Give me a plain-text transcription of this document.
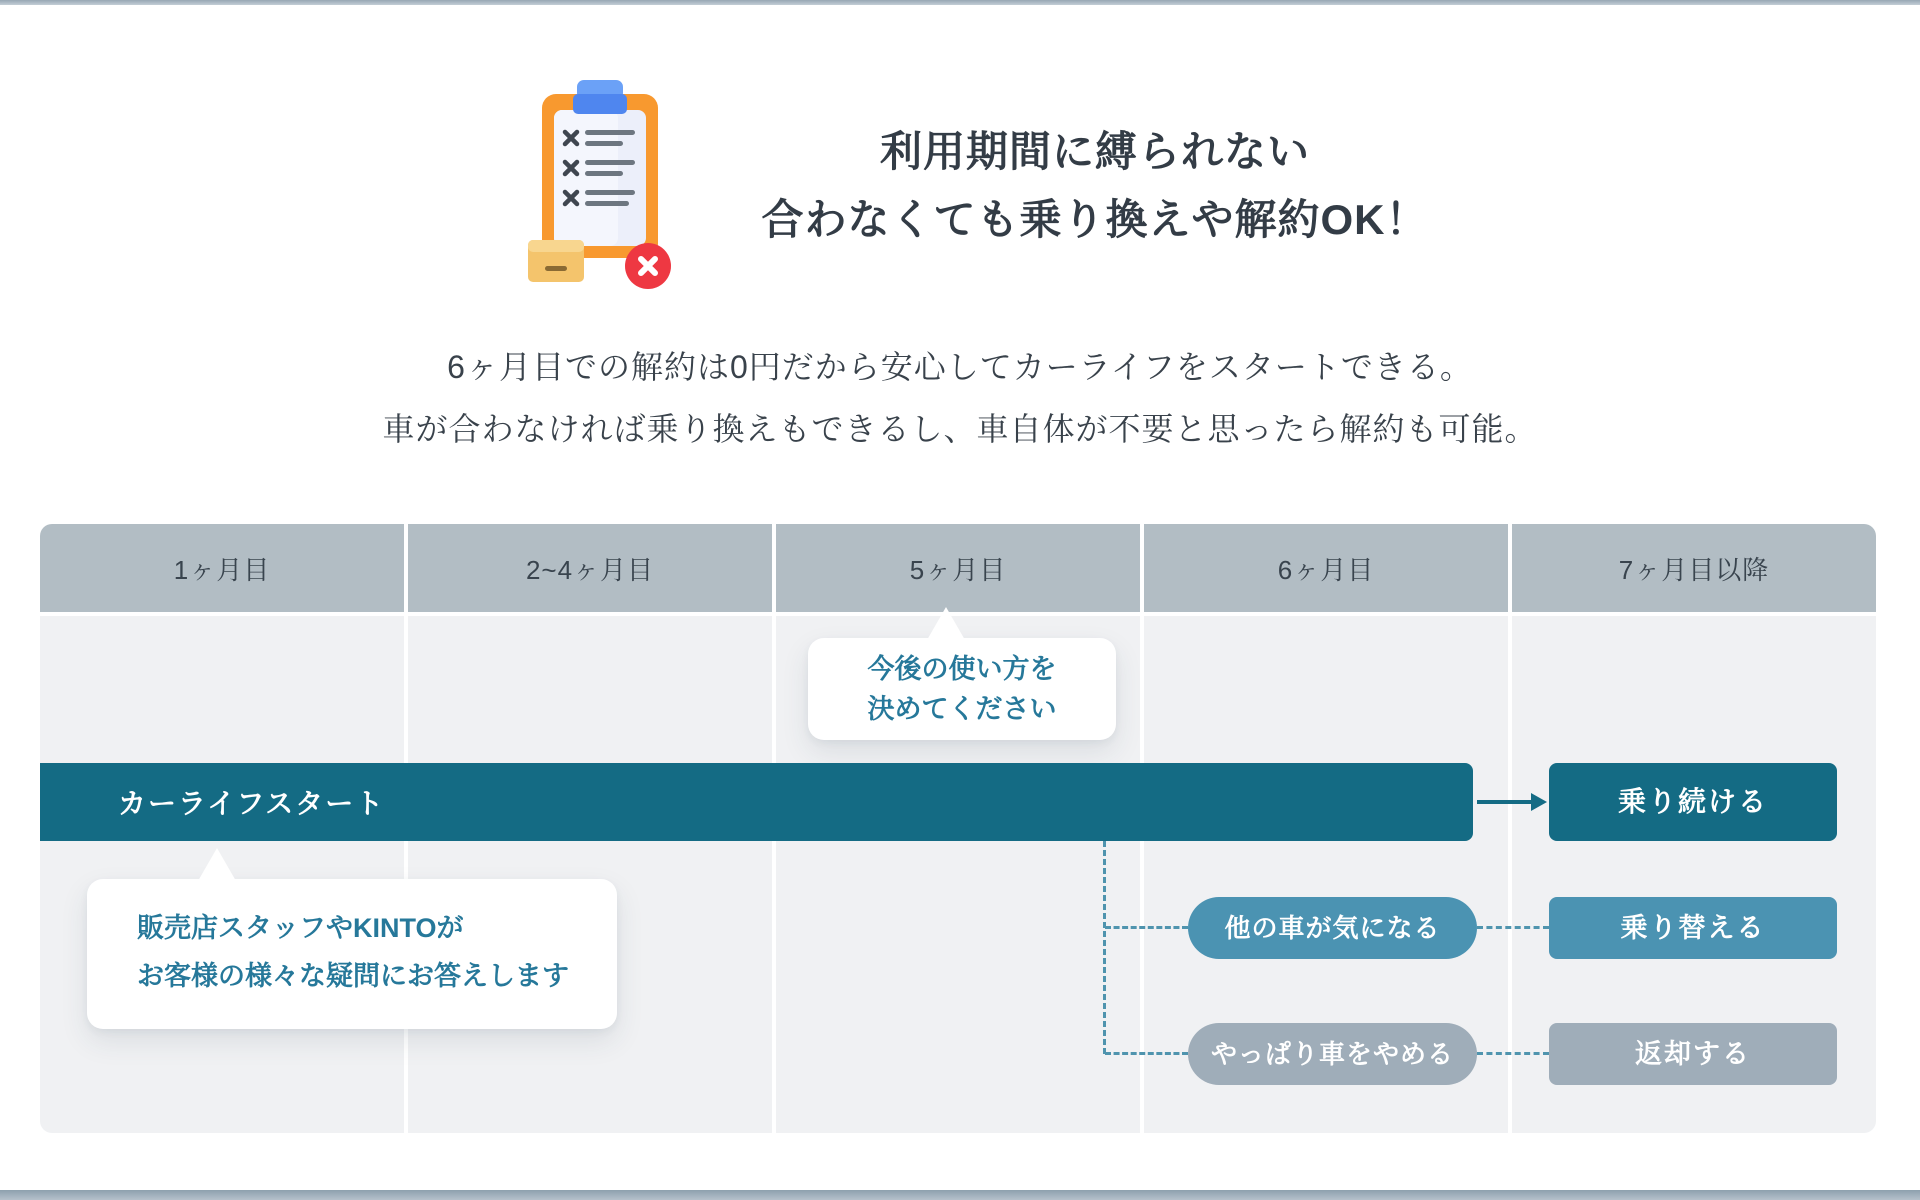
利用期間に縛られない
合わなくても乗り換えや解約OK！
6ヶ月目での解約は0円だから安心してカーライフをスタートできる。
車が合わなければ乗り換えもできるし、車自体が不要と思ったら解約も可能。
1ヶ月目	2~4ヶ月目	5ヶ月目	6ヶ月目	7ヶ月目以降
今後の使い方を
決めてください
カーライフスタート
販売店スタッフやKINTOが
お客様の様々な疑問にお答えします
他の車が気になる
やっぱり車をやめる
乗り続ける
乗り替える
返却する
